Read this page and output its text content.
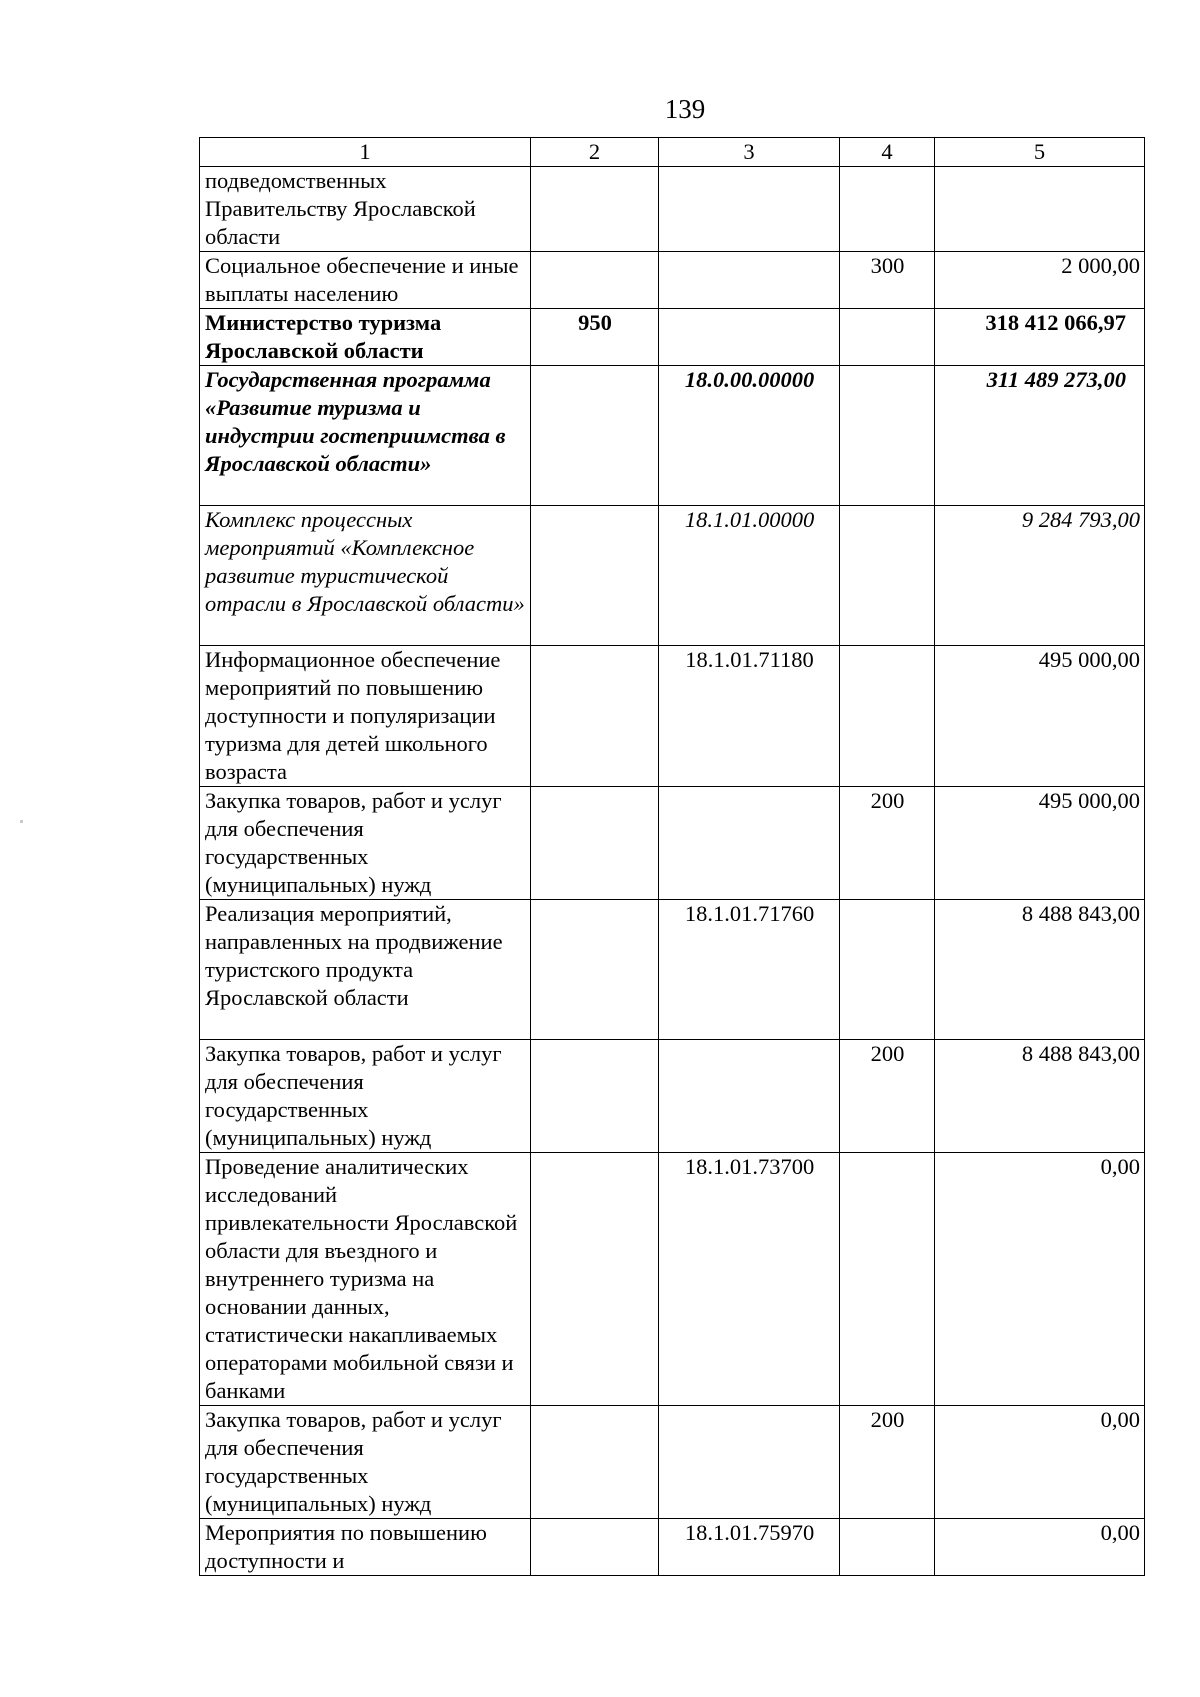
139
1	2	3	4	5
подведомственных Правительству Ярославской области				
Социальное обеспечение и иные выплаты населению			300	2 000,00
Министерство туризма Ярославской области	950			318 412 066,97
Государственная программа «Развитие туризма и индустрии гостеприимства в Ярославской области»		18.0.00.00000		311 489 273,00
Комплекс процессных мероприятий «Комплексное развитие туристической отрасли в Ярославской области»		18.1.01.00000		9 284 793,00
Информационное обеспечение мероприятий по повышению доступности и популяризации туризма для детей школьного возраста		18.1.01.71180		495 000,00
Закупка товаров, работ и услуг для обеспечения государственных (муниципальных) нужд			200	495 000,00
Реализация мероприятий, направленных на продвижение туристского продукта Ярославской области		18.1.01.71760		8 488 843,00
Закупка товаров, работ и услуг для обеспечения государственных (муниципальных) нужд			200	8 488 843,00
Проведение аналитических исследований привлекательности Ярославской области для въездного и внутреннего туризма на основании данных, статистически накапливаемых операторами мобильной связи и банками		18.1.01.73700		0,00
Закупка товаров, работ и услуг для обеспечения государственных (муниципальных) нужд			200	0,00
Мероприятия по повышению доступности и		18.1.01.75970		0,00
